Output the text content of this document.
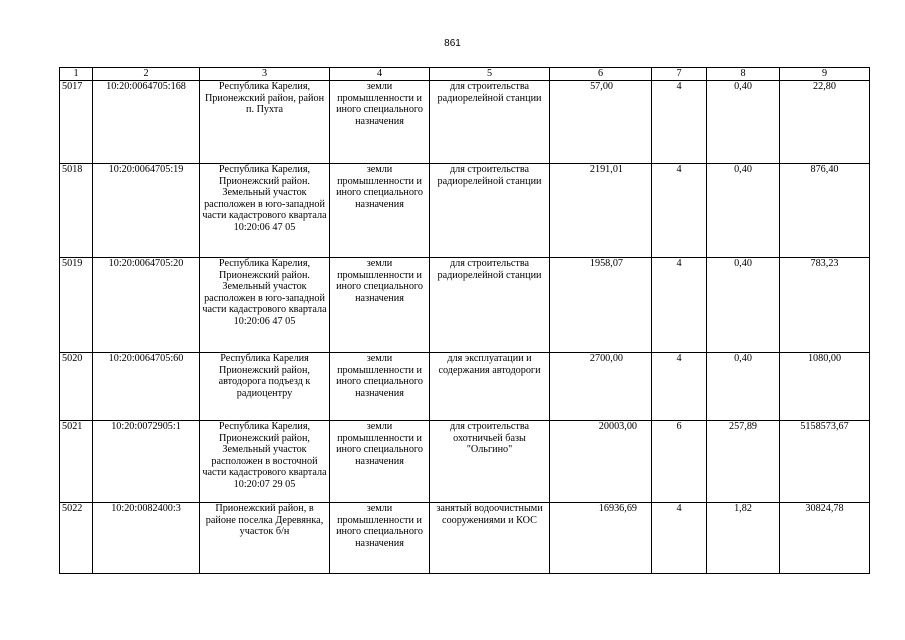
861
1	2	3	4	5	6	7	8	9
5017	10:20:0064705:168	Республика Карелия, Прионежский район, район п. Пухта	земли промышленности и иного специального назначения	для строительства радиорелейной станции	57,00	4	0,40	22,80
5018	10:20:0064705:19	Республика Карелия, Прионежский район. Земельный участок расположен в юго-западной части кадастрового квартала 10:20:06 47 05	земли промышленности и иного специального назначения	для строительства радиорелейной станции	2191,01	4	0,40	876,40
5019	10:20:0064705:20	Республика Карелия, Прионежский район. Земельный участок расположен в юго-западной части кадастрового квартала 10:20:06 47 05	земли промышленности и иного специального назначения	для строительства радиорелейной станции	1958,07	4	0,40	783,23
5020	10:20:0064705:60	Республика Карелия Прионежский район, автодорога подъезд к радиоцентру	земли промышленности и иного специального назначения	для эксплуатации и содержания автодороги	2700,00	4	0,40	1080,00
5021	10:20:0072905:1	Республика Карелия, Прионежский район, Земельный участок расположен в восточной части кадастрового квартала 10:20:07 29 05	земли промышленности и иного специального назначения	для строительства охотничьей базы "Ольгино"	20003,00	6	257,89	5158573,67
5022	10:20:0082400:3	Прионежский район, в районе поселка Деревянка, участок б/н	земли промышленности и иного специального назначения	занятый водоочистными сооружениями и КОС	16936,69	4	1,82	30824,78
